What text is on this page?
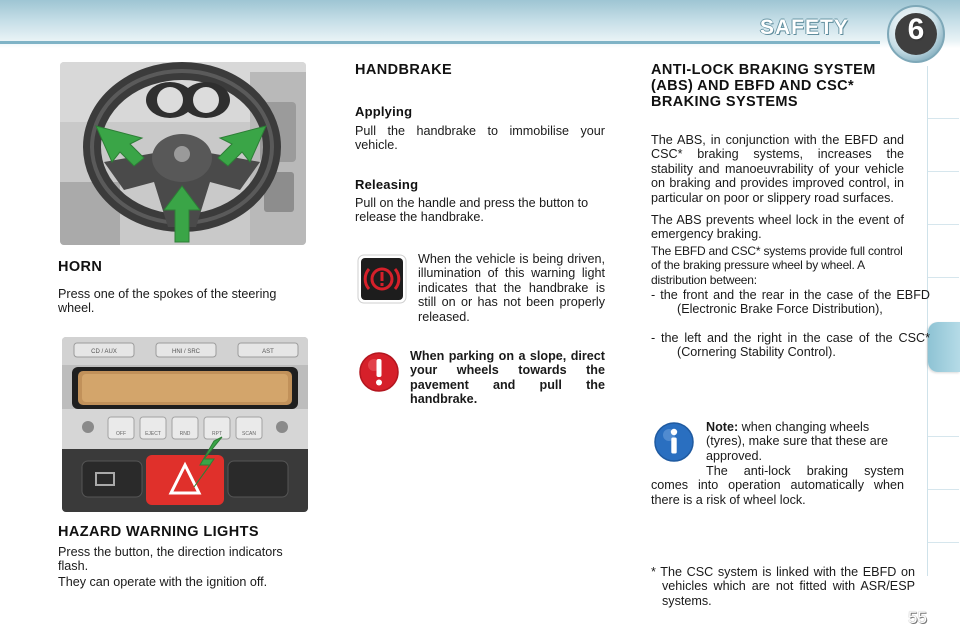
SAFETY	6
HORN
Press one of the spokes of the steering wheel.
CD / AUX	HNI / SRC	AST
OFF	EJECT	RND	RPT	SCAN
HAZARD WARNING LIGHTS
Press the button, the direction indicators flash.
They can operate with the ignition off.
HANDBRAKE
Applying
Pull the handbrake to immobilise your vehicle.
Releasing
Pull on the handle and press the button to release the handbrake.
When the vehicle is being driven, illumination of this warning light indicates that the handbrake is still on or has not been properly released.
When parking on a slope, direct your wheels towards the pavement and pull the handbrake.
ANTI-LOCK BRAKING SYSTEM (ABS) AND EBFD AND CSC* BRAKING SYSTEMS
The ABS, in conjunction with the EBFD and CSC* braking systems, increases the stability and manoeuvrability of your vehicle on braking and provides improved control, in particular on poor or slippery road surfaces.
The ABS prevents wheel lock in the event of emergency braking.
The EBFD and CSC* systems provide full control of the braking pressure wheel by wheel. A distribution between:
- the front and the rear in the case of the EBFD (Electronic Brake Force Distribution),
- the left and the right in the case of the CSC* (Cornering Stability Control).
Note: when changing wheels (tyres), make sure that these are approved.
The anti-lock braking system comes into operation automatically when there is a risk of wheel lock.
* The CSC system is linked with the EBFD on vehicles which are not fitted with ASR/ESP systems.
55
